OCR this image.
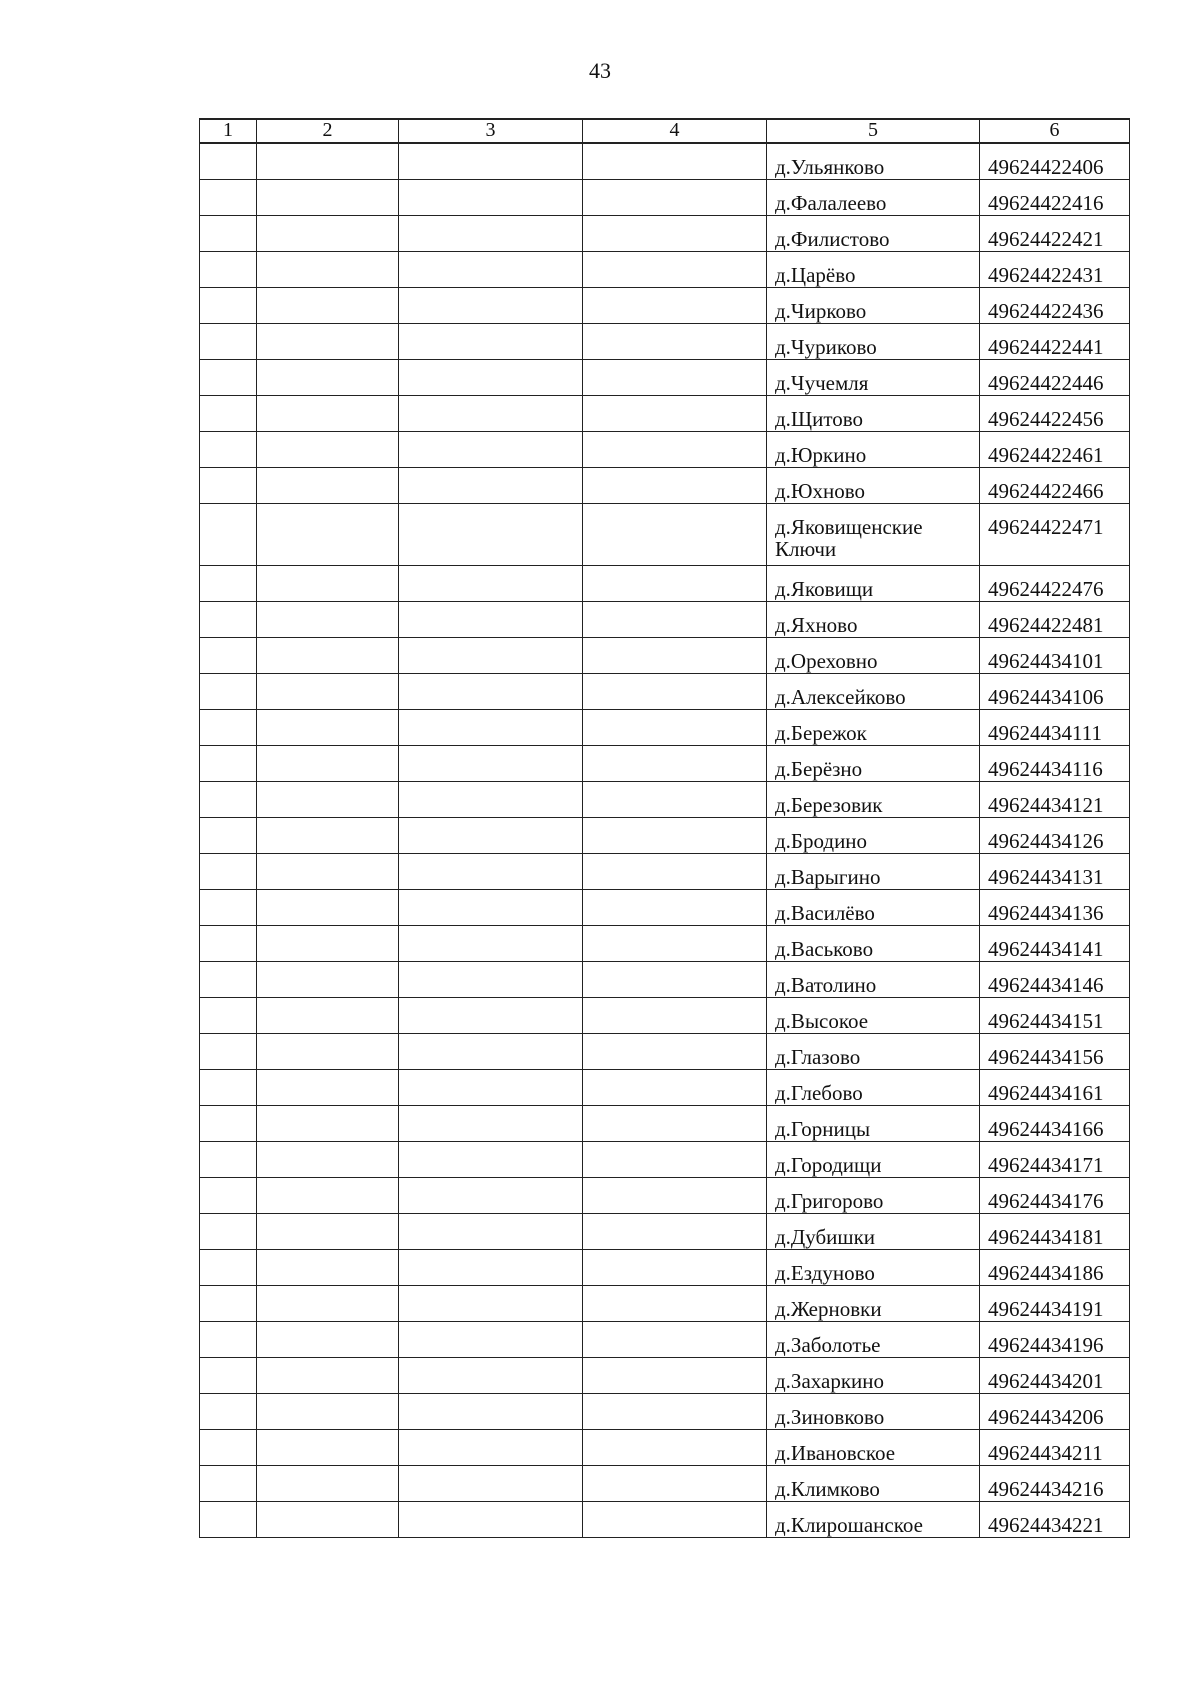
43
1	2	3	4	5	6
				д.Ульянково	49624422406
				д.Фалалеево	49624422416
				д.Филистово	49624422421
				д.Царёво	49624422431
				д.Чирково	49624422436
				д.Чуриково	49624422441
				д.Чучемля	49624422446
				д.Щитово	49624422456
				д.Юркино	49624422461
				д.Юхново	49624422466
				д.Яковищенские Ключи	49624422471
				д.Яковищи	49624422476
				д.Яхново	49624422481
				д.Ореховно	49624434101
				д.Алексейково	49624434106
				д.Бережок	49624434111
				д.Берёзно	49624434116
				д.Березовик	49624434121
				д.Бродино	49624434126
				д.Варыгино	49624434131
				д.Василёво	49624434136
				д.Васьково	49624434141
				д.Ватолино	49624434146
				д.Высокое	49624434151
				д.Глазово	49624434156
				д.Глебово	49624434161
				д.Горницы	49624434166
				д.Городищи	49624434171
				д.Григорово	49624434176
				д.Дубишки	49624434181
				д.Ездуново	49624434186
				д.Жерновки	49624434191
				д.Заболотье	49624434196
				д.Захаркино	49624434201
				д.Зиновково	49624434206
				д.Ивановское	49624434211
				д.Климково	49624434216
				д.Клирошанское	49624434221
